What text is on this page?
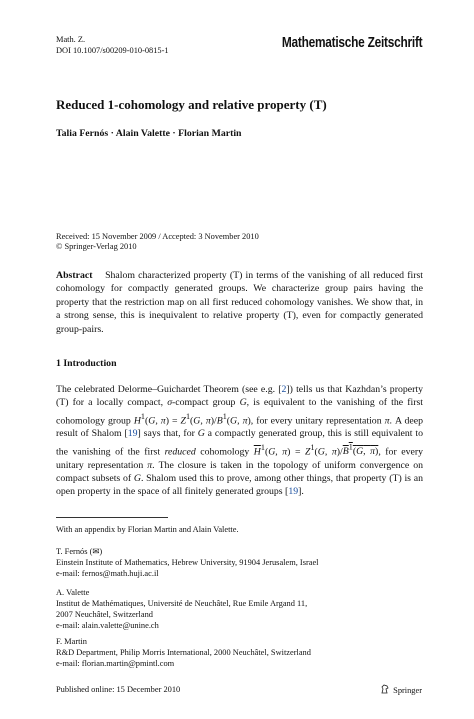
Math. Z.
DOI 10.1007/s00209-010-0815-1	Mathematische Zeitschrift
Reduced 1-cohomology and relative property (T)
Talia Fernós · Alain Valette · Florian Martin
Received: 15 November 2009 / Accepted: 3 November 2010
© Springer-Verlag 2010
Abstract Shalom characterized property (T) in terms of the vanishing of all reduced first cohomology for compactly generated groups. We characterize group pairs having the property that the restriction map on all first reduced cohomology vanishes. We show that, in a strong sense, this is inequivalent to relative property (T), even for compactly generated group-pairs.
1 Introduction
The celebrated Delorme–Guichardet Theorem (see e.g. [2]) tells us that Kazhdan’s property (T) for a locally compact, σ-compact group G, is equivalent to the vanishing of the first cohomology group $H^1(G$, $\pi) = Z^1(G$, $\pi)/B^1(G$, π), for every unitary representation π. A deep result of Shalom [19] says that, for G a compactly generated group, this is still equivalent to the vanishing of the first reduced cohomology $\overline{H}^1(G$, $\pi) = Z^1(G$, $\pi)/B^1(G$, π), for every unitary representation π. The closure is taken in the topology of uniform convergence on compact subsets of G. Shalom used this to prove, among other things, that property (T) is an open property in the space of all finitely generated groups [19].
With an appendix by Florian Martin and Alain Valette.
T. Fernós (✉)
Einstein Institute of Mathematics, Hebrew University, 91904 Jerusalem, Israel
e-mail: fernos@math.huji.ac.il
A. Valette
Institut de Mathématiques, Université de Neuchâtel, Rue Emile Argand 11,
2007 Neuchâtel, Switzerland
e-mail: alain.valette@unine.ch
F. Martin
R&D Department, Philip Morris International, 2000 Neuchâtel, Switzerland
e-mail: florian.martin@pmintl.com
Published online: 15 December 2010	Springer
